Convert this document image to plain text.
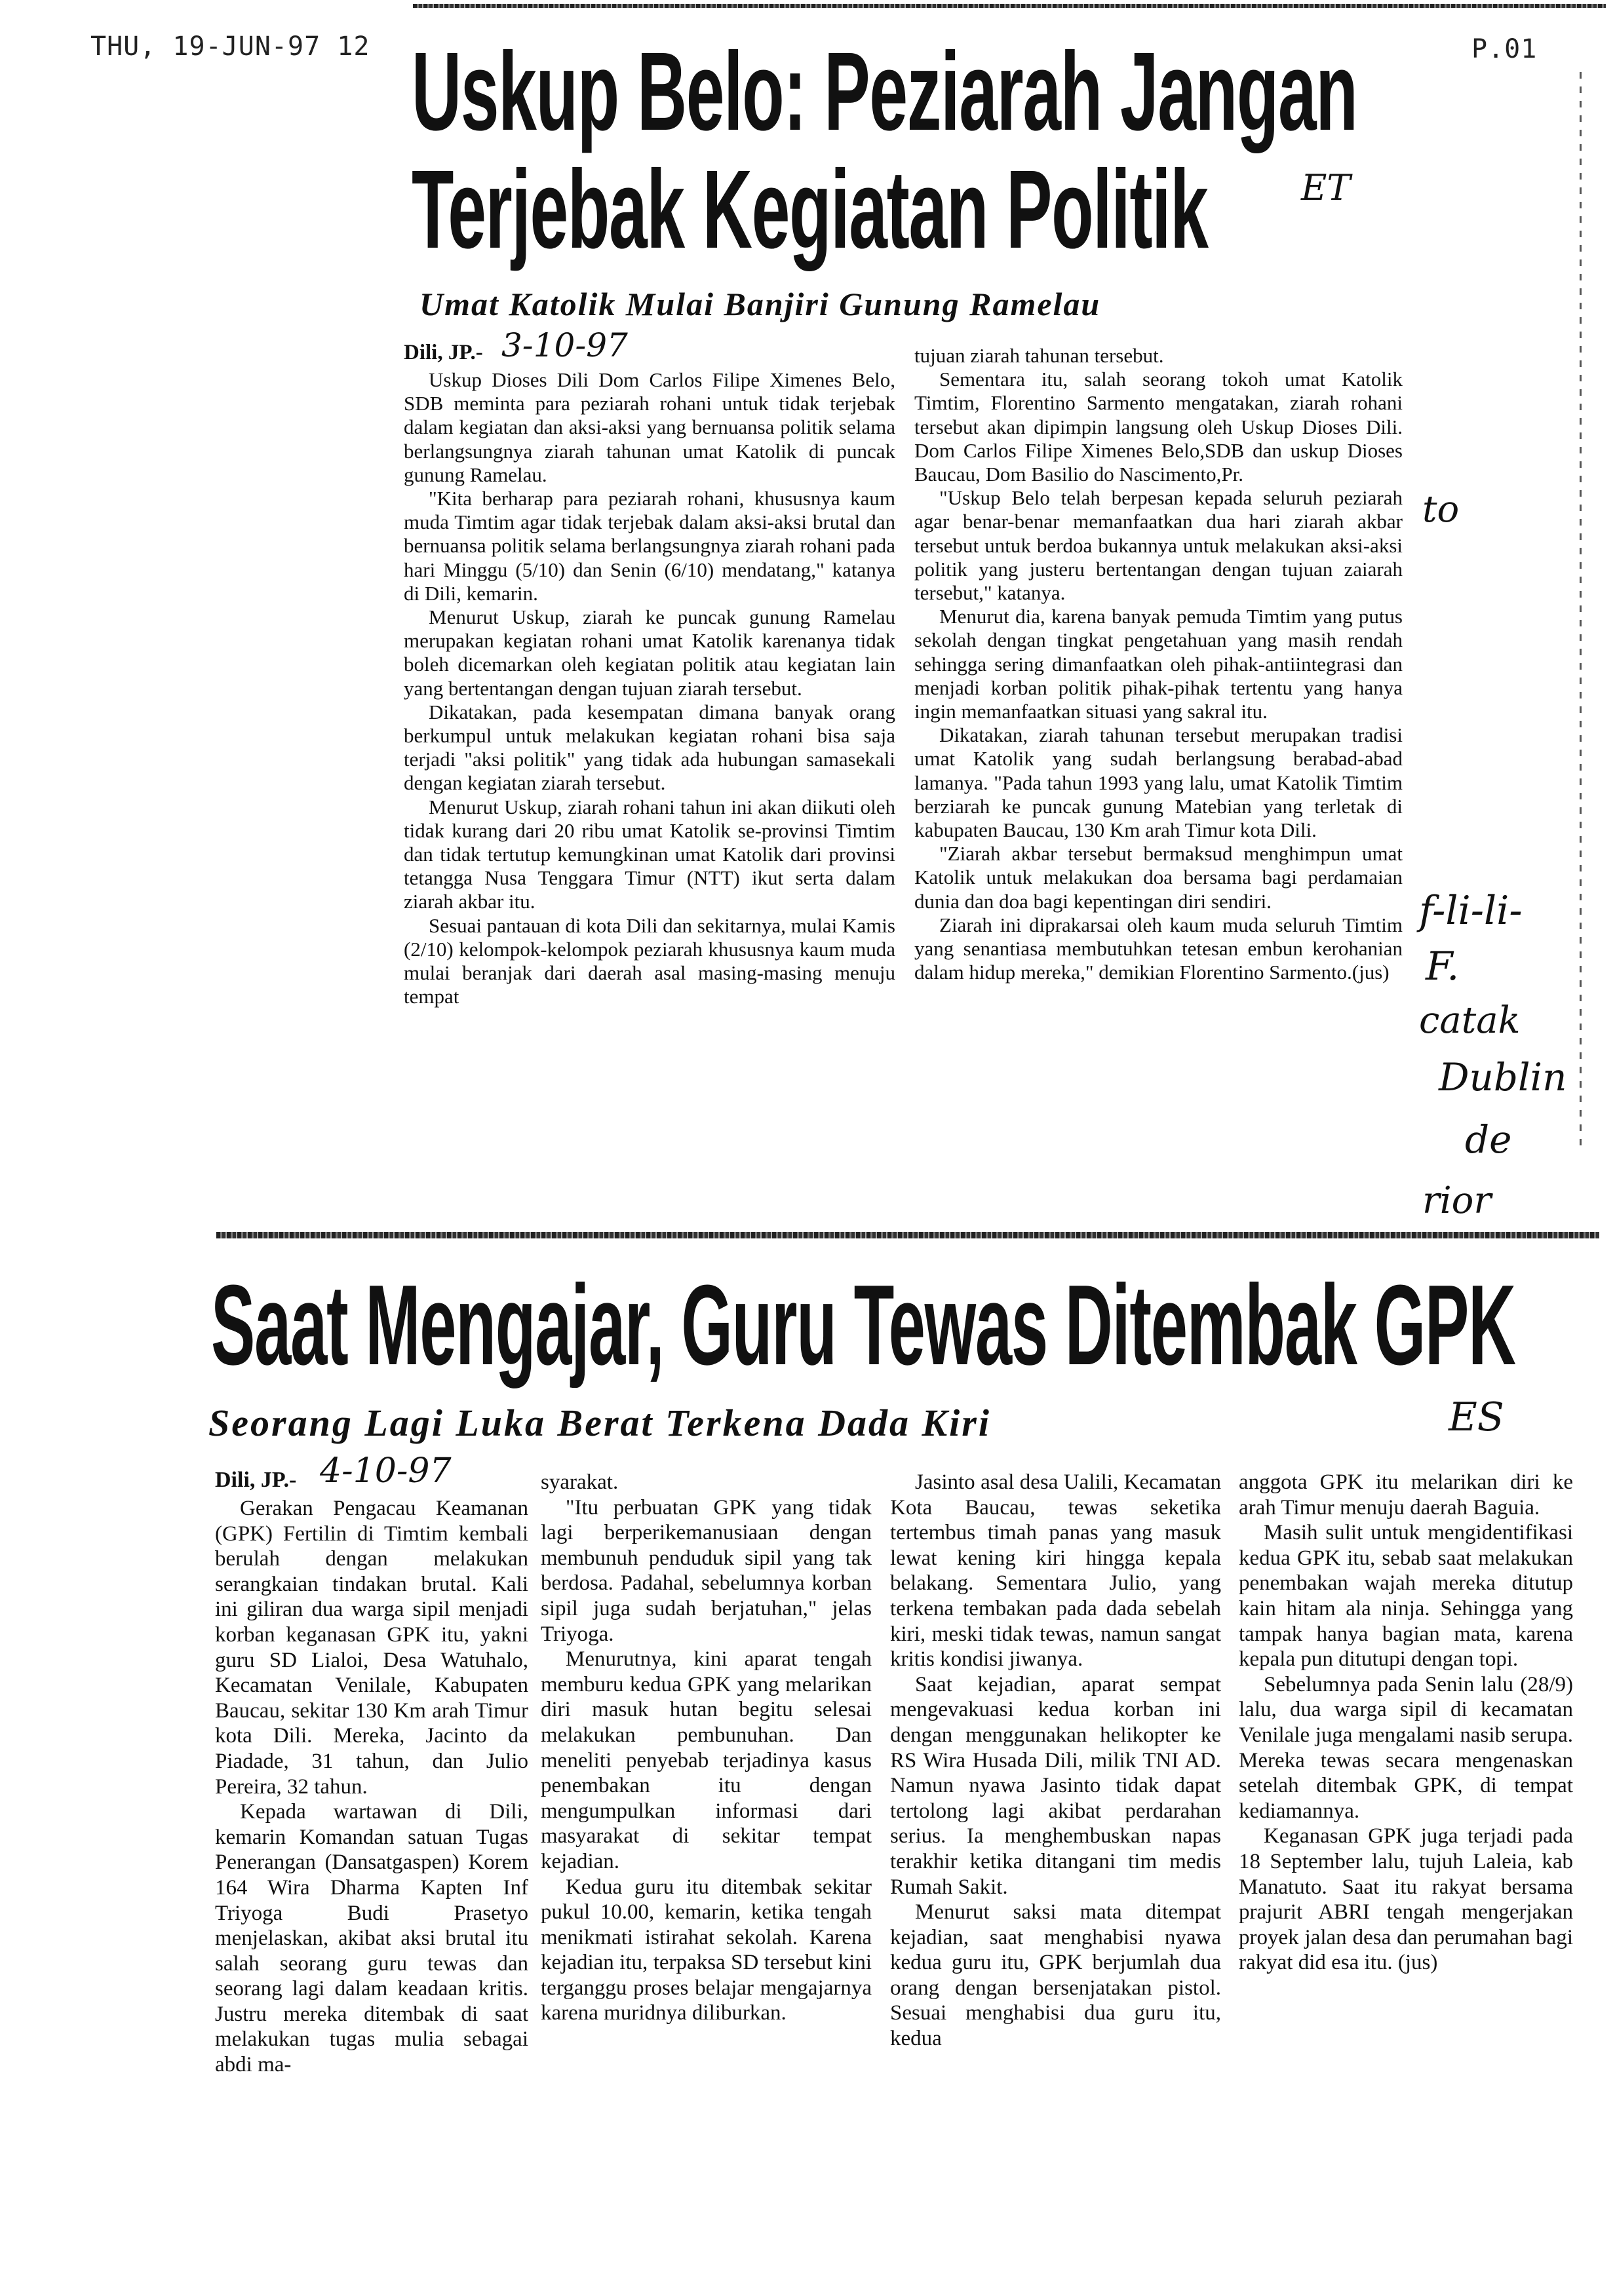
THU, 19-JUN-97 12	P.01
Uskup Belo: Peziarah Jangan
Terjebak Kegiatan Politik	ET
Umat Katolik Mulai Banjiri Gunung Ramelau
Dili, JP.- 3-10-97

Uskup Dioses Dili Dom Carlos Filipe Ximenes Belo, SDB meminta para peziarah rohani untuk tidak terjebak dalam kegiatan dan aksi-aksi yang bernuansa politik selama berlangsungnya ziarah tahunan umat Katolik di puncak gunung Ramelau.

"Kita berharap para peziarah rohani, khususnya kaum muda Timtim agar tidak terjebak dalam aksi-aksi brutal dan bernuansa politik selama berlangsungnya ziarah rohani pada hari Minggu (5/10) dan Senin (6/10) mendatang," katanya di Dili, kemarin.

Menurut Uskup, ziarah ke puncak gunung Ramelau merupakan kegiatan rohani umat Katolik karenanya tidak boleh dicemarkan oleh kegiatan politik atau kegiatan lain yang bertentangan dengan tujuan ziarah tersebut.

Dikatakan, pada kesempatan dimana banyak orang berkumpul untuk melakukan kegiatan rohani bisa saja terjadi "aksi politik" yang tidak ada hubungan samasekali dengan kegiatan ziarah tersebut.

Menurut Uskup, ziarah rohani tahun ini akan diikuti oleh tidak kurang dari 20 ribu umat Katolik se-provinsi Timtim dan tidak tertutup kemungkinan umat Katolik dari provinsi tetangga Nusa Tenggara Timur (NTT) ikut serta dalam ziarah akbar itu.

Sesuai pantauan di kota Dili dan sekitarnya, mulai Kamis (2/10) kelompok-kelompok peziarah khususnya kaum muda mulai beranjak dari daerah asal masing-masing menuju tempat

tujuan ziarah tahunan tersebut.

Sementara itu, salah seorang tokoh umat Katolik Timtim, Florentino Sarmento mengatakan, ziarah rohani tersebut akan dipimpin langsung oleh Uskup Dioses Dili. Dom Carlos Filipe Ximenes Belo,SDB dan uskup Dioses Baucau, Dom Basilio do Nascimento,Pr.

"Uskup Belo telah berpesan kepada seluruh peziarah agar benar-benar memanfaatkan dua hari ziarah akbar tersebut untuk berdoa bukannya untuk melakukan aksi-aksi politik yang justeru bertentangan dengan tujuan zaiarah tersebut," katanya.

Menurut dia, karena banyak pemuda Timtim yang putus sekolah dengan tingkat pengetahuan yang masih rendah sehingga sering dimanfaatkan oleh pihak-antiintegrasi dan menjadi korban politik pihak-pihak tertentu yang hanya ingin memanfaatkan situasi yang sakral itu.

Dikatakan, ziarah tahunan tersebut merupakan tradisi umat Katolik yang sudah berlangsung berabad-abad lamanya. "Pada tahun 1993 yang lalu, umat Katolik Timtim berziarah ke puncak gunung Matebian yang terletak di kabupaten Baucau, 130 Km arah Timur kota Dili.

"Ziarah akbar tersebut bermaksud menghimpun umat Katolik untuk melakukan doa bersama bagi perdamaian dunia dan doa bagi kepentingan diri sendiri.

Ziarah ini diprakarsai oleh kaum muda seluruh Timtim yang senantiasa membutuhkan tetesan embun kerohanian dalam hidup mereka," demikian Florentino Sarmento.(jus)

to
f-li-li-
F.
catak
Dublin
de
rior
Saat Mengajar, Guru Tewas Ditembak GPK
Seorang Lagi Luka Berat Terkena Dada Kiri	ES
Dili, JP.- 4-10-97

Gerakan Pengacau Keamanan (GPK) Fertilin di Timtim kembali berulah dengan melakukan serangkaian tindakan brutal. Kali ini giliran dua warga sipil menjadi korban keganasan GPK itu, yakni guru SD Lialoi, Desa Watuhalo, Kecamatan Venilale, Kabupaten Baucau, sekitar 130 Km arah Timur kota Dili. Mereka, Jacinto da Piadade, 31 tahun, dan Julio Pereira, 32 tahun.

Kepada wartawan di Dili, kemarin Komandan satuan Tugas Penerangan (Dansatgaspen) Korem 164 Wira Dharma Kapten Inf Triyoga Budi Prasetyo menjelaskan, akibat aksi brutal itu salah seorang guru tewas dan seorang lagi dalam keadaan kritis. Justru mereka ditembak di saat melakukan tugas mulia sebagai abdi ma-

syarakat.

"Itu perbuatan GPK yang tidak lagi berperikemanusiaan dengan membunuh penduduk sipil yang tak berdosa. Padahal, sebelumnya korban sipil juga sudah berjatuhan," jelas Triyoga.

Menurutnya, kini aparat tengah memburu kedua GPK yang melarikan diri masuk hutan begitu selesai melakukan pembunuhan. Dan meneliti penyebab terjadinya kasus penembakan itu dengan mengumpulkan informasi dari masyarakat di sekitar tempat kejadian.

Kedua guru itu ditembak sekitar pukul 10.00, kemarin, ketika tengah menikmati istirahat sekolah. Karena kejadian itu, terpaksa SD tersebut kini terganggu proses belajar mengajarnya karena muridnya diliburkan.

Jasinto asal desa Ualili, Kecamatan Kota Baucau, tewas seketika tertembus timah panas yang masuk lewat kening kiri hingga kepala belakang. Sementara Julio, yang terkena tembakan pada dada sebelah kiri, meski tidak tewas, namun sangat kritis kondisi jiwanya.

Saat kejadian, aparat sempat mengevakuasi kedua korban ini dengan menggunakan helikopter ke RS Wira Husada Dili, milik TNI AD. Namun nyawa Jasinto tidak dapat tertolong lagi akibat perdarahan serius. Ia menghembuskan napas terakhir ketika ditangani tim medis Rumah Sakit.

Menurut saksi mata ditempat kejadian, saat menghabisi nyawa kedua guru itu, GPK berjumlah dua orang dengan bersenjatakan pistol. Sesuai menghabisi dua guru itu, kedua

anggota GPK itu melarikan diri ke arah Timur menuju daerah Baguia.

Masih sulit untuk mengidentifikasi kedua GPK itu, sebab saat melakukan penembakan wajah mereka ditutup kain hitam ala ninja. Sehingga yang tampak hanya bagian mata, karena kepala pun ditutupi dengan topi.

Sebelumnya pada Senin lalu (28/9) lalu, dua warga sipil di kecamatan Venilale juga mengalami nasib serupa. Mereka tewas secara mengenaskan setelah ditembak GPK, di tempat kediamannya.

Keganasan GPK juga terjadi pada 18 September lalu, tujuh Laleia, kab Manatuto. Saat itu rakyat bersama prajurit ABRI tengah mengerjakan proyek jalan desa dan perumahan bagi rakyat did esa itu. (jus)
